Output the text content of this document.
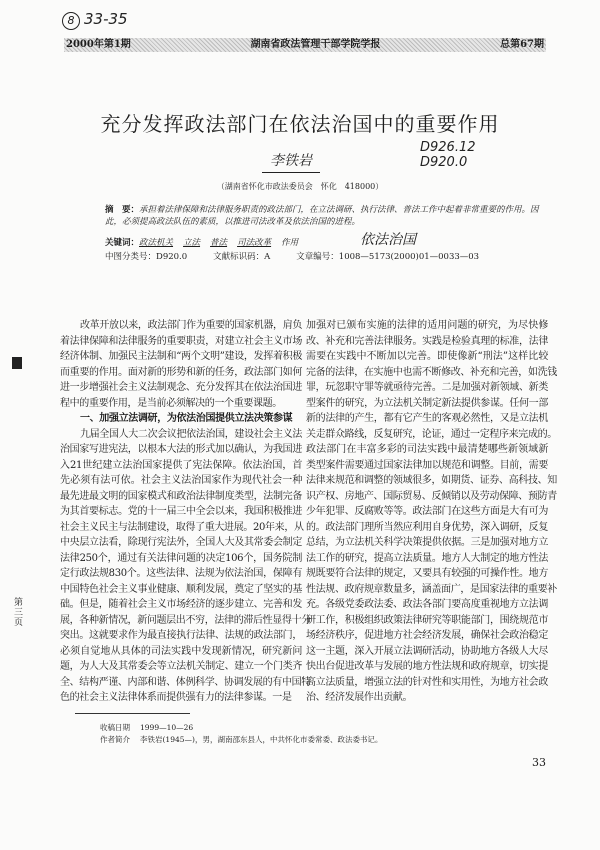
8 33-35
2000年第1期	湖南省政法管理干部学院学报	总第67期
充分发挥政法部门在依法治国中的重要作用
李铁岩
D926.12
D920.0
（湖南省怀化市政法委员会　怀化　418000）
摘　要：承担着法律保障和法律服务职责的政法部门，在立法调研、执行法律、普法工作中起着非常重要的作用。因此，必须提高政法队伍的素质，以推进司法改革及依法治国的进程。
关键词：政法机关 立法 普法 司法改革 作用	依法治国
中图分类号：D920.0	文献标识码：A	文章编号：1008—5173(2000)01—0033—03
改革开放以来，政法部门作为重要的国家机器，肩负
着法律保障和法律服务的重要职责，对建立社会主义市场
经济体制、加强民主法制和“两个文明”建设，发挥着积极
而重要的作用。面对新的形势和新的任务，政法部门如何
进一步增强社会主义法制观念、充分发挥其在依法治国进
程中的重要作用，是当前必须解决的一个重要课题。
一、加强立法调研，为依法治国提供立法决策参谋
九届全国人大二次会议把依法治国，建设社会主义法
治国家写进宪法，以根本大法的形式加以确认，为我国进
入21世纪建立法治国家提供了宪法保障。依法治国，首
先必须有法可依。社会主义法治国家作为现代社会一种
最先进最文明的国家模式和政治法律制度类型，法制完备
为其首要标志。党的十一届三中全会以来，我国积极推进
社会主义民主与法制建设，取得了重大进展。20年来，从
中央层立法看，除现行宪法外，全国人大及其常委会制定
法律250个，通过有关法律问题的决定106个，国务院制
定行政法规830个。这些法律、法规为依法治国，保障有
中国特色社会主义事业健康、顺利发展，奠定了坚实的基
础。但是，随着社会主义市场经济的逐步建立、完善和发
展，各种新情况，新问题层出不穷，法律的滞后性显得十分
突出。这就要求作为最直接执行法律、法规的政法部门，
必须自觉地从具体的司法实践中发现新情况，研究新问
题，为人大及其常委会等立法机关制定、建立一个门类齐
全、结构严谨、内部和谐、体例科学、协调发展的有中国特
色的社会主义法律体系而提供强有力的法律参谋。一是
加强对已颁布实施的法律的适用问题的研究，为尽快修
改、补充和完善法律服务。实践是检验真理的标准，法律
需要在实践中不断加以完善。即使像新“刑法”这样比较
完备的法律，在实施中也需不断修改、补充和完善，如洗钱
罪，玩忽职守罪等就亟待完善。二是加强对新领域、新类
型案件的研究，为立法机关制定新法提供参谋。任何一部
新的法律的产生，都有它产生的客观必然性，又是立法机
关走群众路线，反复研究，论证，通过一定程序来完成的。
政法部门在丰富多彩的司法实践中最清楚哪些新领域新
类型案件需要通过国家法律加以规范和调整。目前，需要
法律来规范和调整的领域很多，如期货、证券、高科技、知
识产权、房地产、国际贸易、反倾销以及劳动保障、预防青
少年犯罪、反腐败等等。政法部门在这些方面是大有可为
的。政法部门理所当然应利用自身优势，深入调研，反复
总结，为立法机关科学决策提供依据。三是加强对地方立
法工作的研究，提高立法质量。地方人大制定的地方性法
规既要符合法律的规定，又要具有较强的可操作性。地方
性法规、政府规章数量多，涵盖面广，是国家法律的重要补
充。各级党委政法委、政法各部门要高度重视地方立法调
研工作，积极组织政策法律研究等职能部门，围绕规范市
场经济秩序，促进地方社会经济发展，确保社会政治稳定
这一主题，深入开展立法调研活动，协助地方各级人大尽
快出台促进改革与发展的地方性法规和政府规章，切实提
高立法质量，增强立法的针对性和实用性，为地方社会政
治、经济发展作出贡献。
收稿日期 1999—10—26
作者简介 李铁岩(1945—)，男，湖南邵东县人，中共怀化市委常委、政法委书记。
33
第三页
